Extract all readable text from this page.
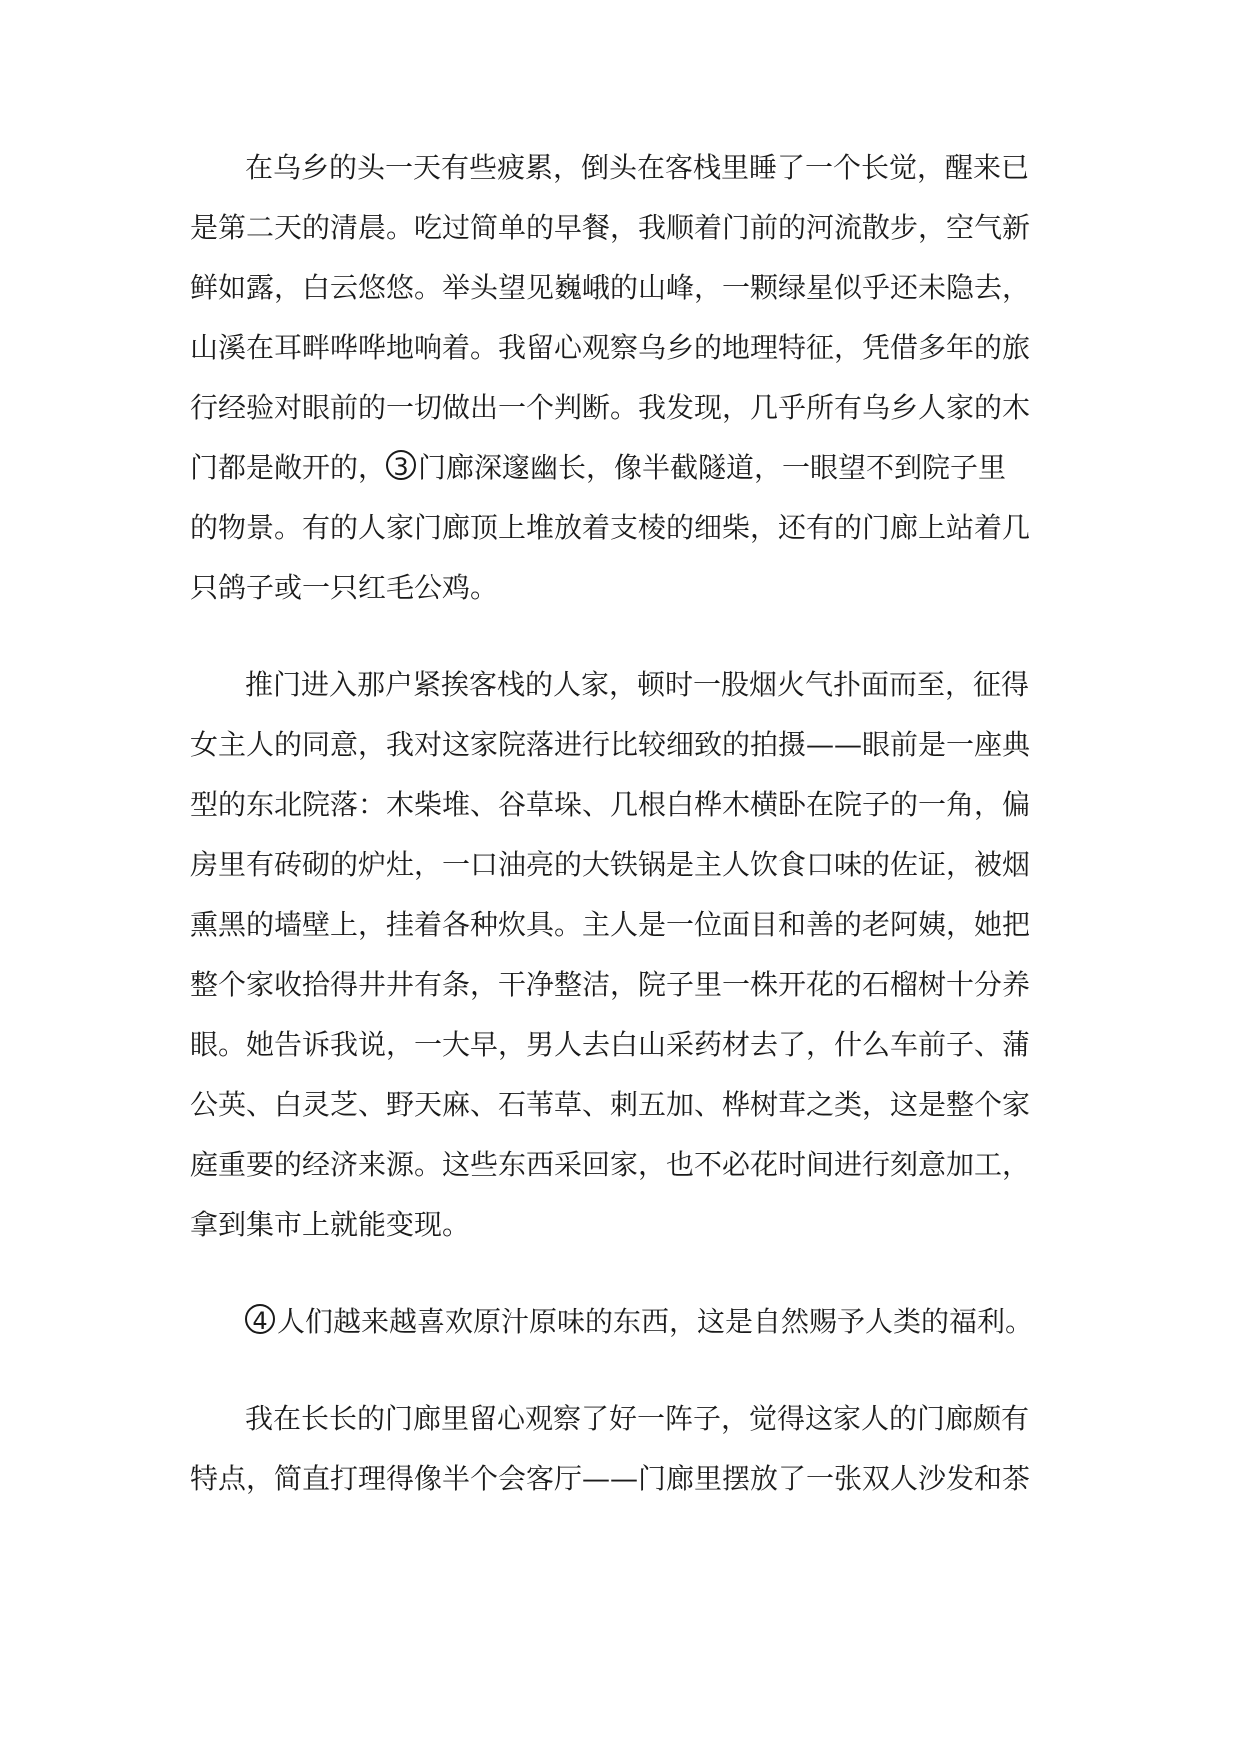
在乌乡的头一天有些疲累，倒头在客栈里睡了一个长觉，醒来已
是第二天的清晨。吃过简单的早餐，我顺着门前的河流散步，空气新
鲜如露，白云悠悠。举头望见巍峨的山峰，一颗绿星似乎还未隐去，
山溪在耳畔哗哗地响着。我留心观察乌乡的地理特征，凭借多年的旅
行经验对眼前的一切做出一个判断。我发现，几乎所有乌乡人家的木
门都是敞开的， 3 门廊深邃幽长，像半截隧道，一眼望不到院子里
的物景。有的人家门廊顶上堆放着支棱的细柴，还有的门廊上站着几
只鸽子或一只红毛公鸡。
推门进入那户紧挨客栈的人家，顿时一股烟火气扑面而至，征得
女主人的同意，我对这家院落进行比较细致的拍摄——眼前是一座典
型的东北院落：木柴堆、谷草垛、几根白桦木横卧在院子的一角，偏
房里有砖砌的炉灶，一口油亮的大铁锅是主人饮食口味的佐证，被烟
熏黑的墙壁上，挂着各种炊具。主人是一位面目和善的老阿姨，她把
整个家收拾得井井有条，干净整洁，院子里一株开花的石榴树十分养
眼。她告诉我说，一大早，男人去白山采药材去了，什么车前子、蒲
公英、白灵芝、野天麻、石苇草、刺五加、桦树茸之类，这是整个家
庭重要的经济来源。这些东西采回家，也不必花时间进行刻意加工，
拿到集市上就能变现。
4 人们越来越喜欢原汁原味的东西，这是自然赐予人类的福利。
我在长长的门廊里留心观察了好一阵子，觉得这家人的门廊颇有
特点，简直打理得像半个会客厅——门廊里摆放了一张双人沙发和茶
